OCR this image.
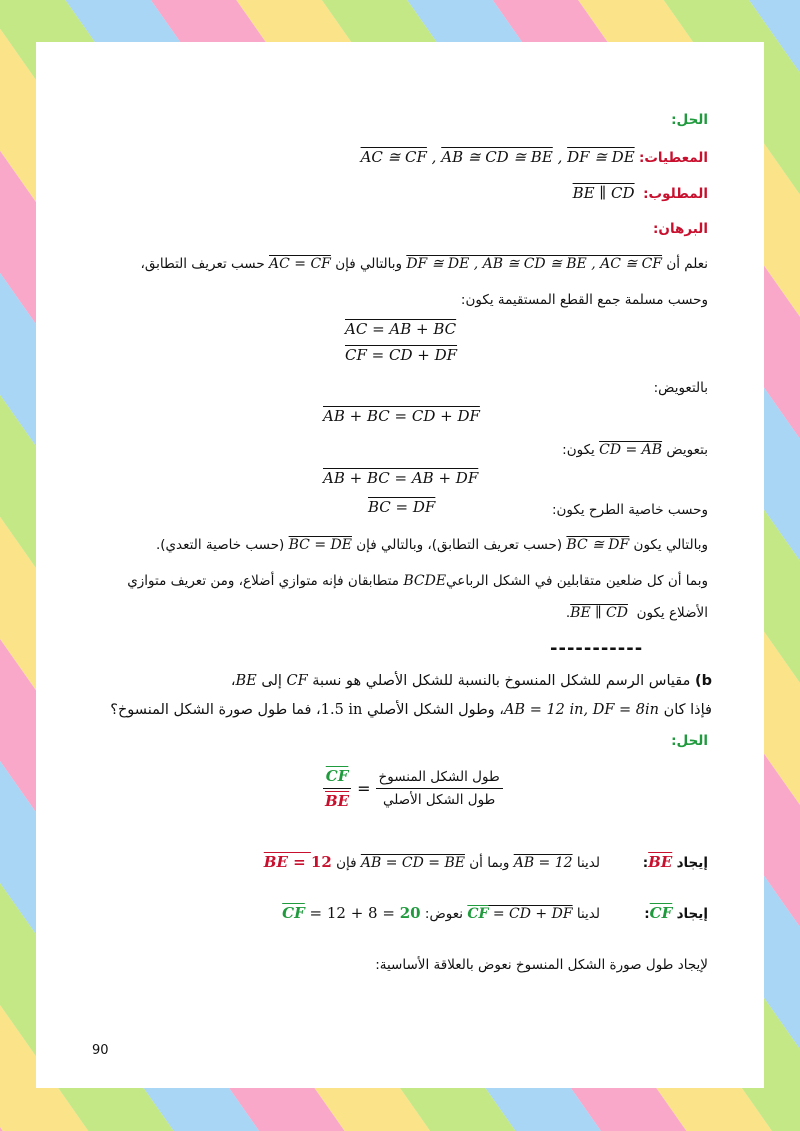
الحل:
المعطيات: AC ≅ CF , AB ≅ CD ≅ BE , DF ≅ DE
المطلوب:  BE ∥ CD
البرهان:
نعلم أن DF ≅ DE , AB ≅ CD ≅ BE , AC ≅ CF وبالتالي فإن AC = CF حسب تعريف التطابق،
وحسب مسلمة جمع القطع المستقيمة يكون:
AC = AB + BC
CF = CD + DF
بالتعويض:
AB + BC = CD + DF
بتعويض CD = AB يكون:
AB + BC = AB + DF
وحسب خاصية الطرح يكون:
BC = DF
وبالتالي يكون BC ≅ DF (حسب تعريف التطابق)، وبالتالي فإن BC = DE (حسب خاصية التعدي).
وبما أن كل ضلعين متقابلين في الشكل الرباعيBCDE متطابقان فإنه متوازي أضلاع، ومن تعريف متوازي
الأضلاع يكون  BE ∥ CD.
-----------
b) مقياس الرسم للشكل المنسوخ بالنسبة للشكل الأصلي هو نسبة CF إلى BE،
فإذا كان AB = 12 in, DF = 8in، وطول الشكل الأصلي 1.5 in، فما طول صورة الشكل المنسوخ؟
الحل:
$\frac{\overline{CF}}{BE} = \frac{\text{طول الشكل المنسوخ}}{\text{طول الشكل الأصلي}}$
إيجاد $\overline{BE}$:
لدينا AB = 12 وبما أن AB = CD = BE فإن BE = 12
إيجاد $\overline{CF}$:
لدينا $\overline{CF}$ = CD + DF نعوض: $\overline{CF} = 12 + 8 = 20$
لإيجاد طول صورة الشكل المنسوخ نعوض بالعلاقة الأساسية:
90
